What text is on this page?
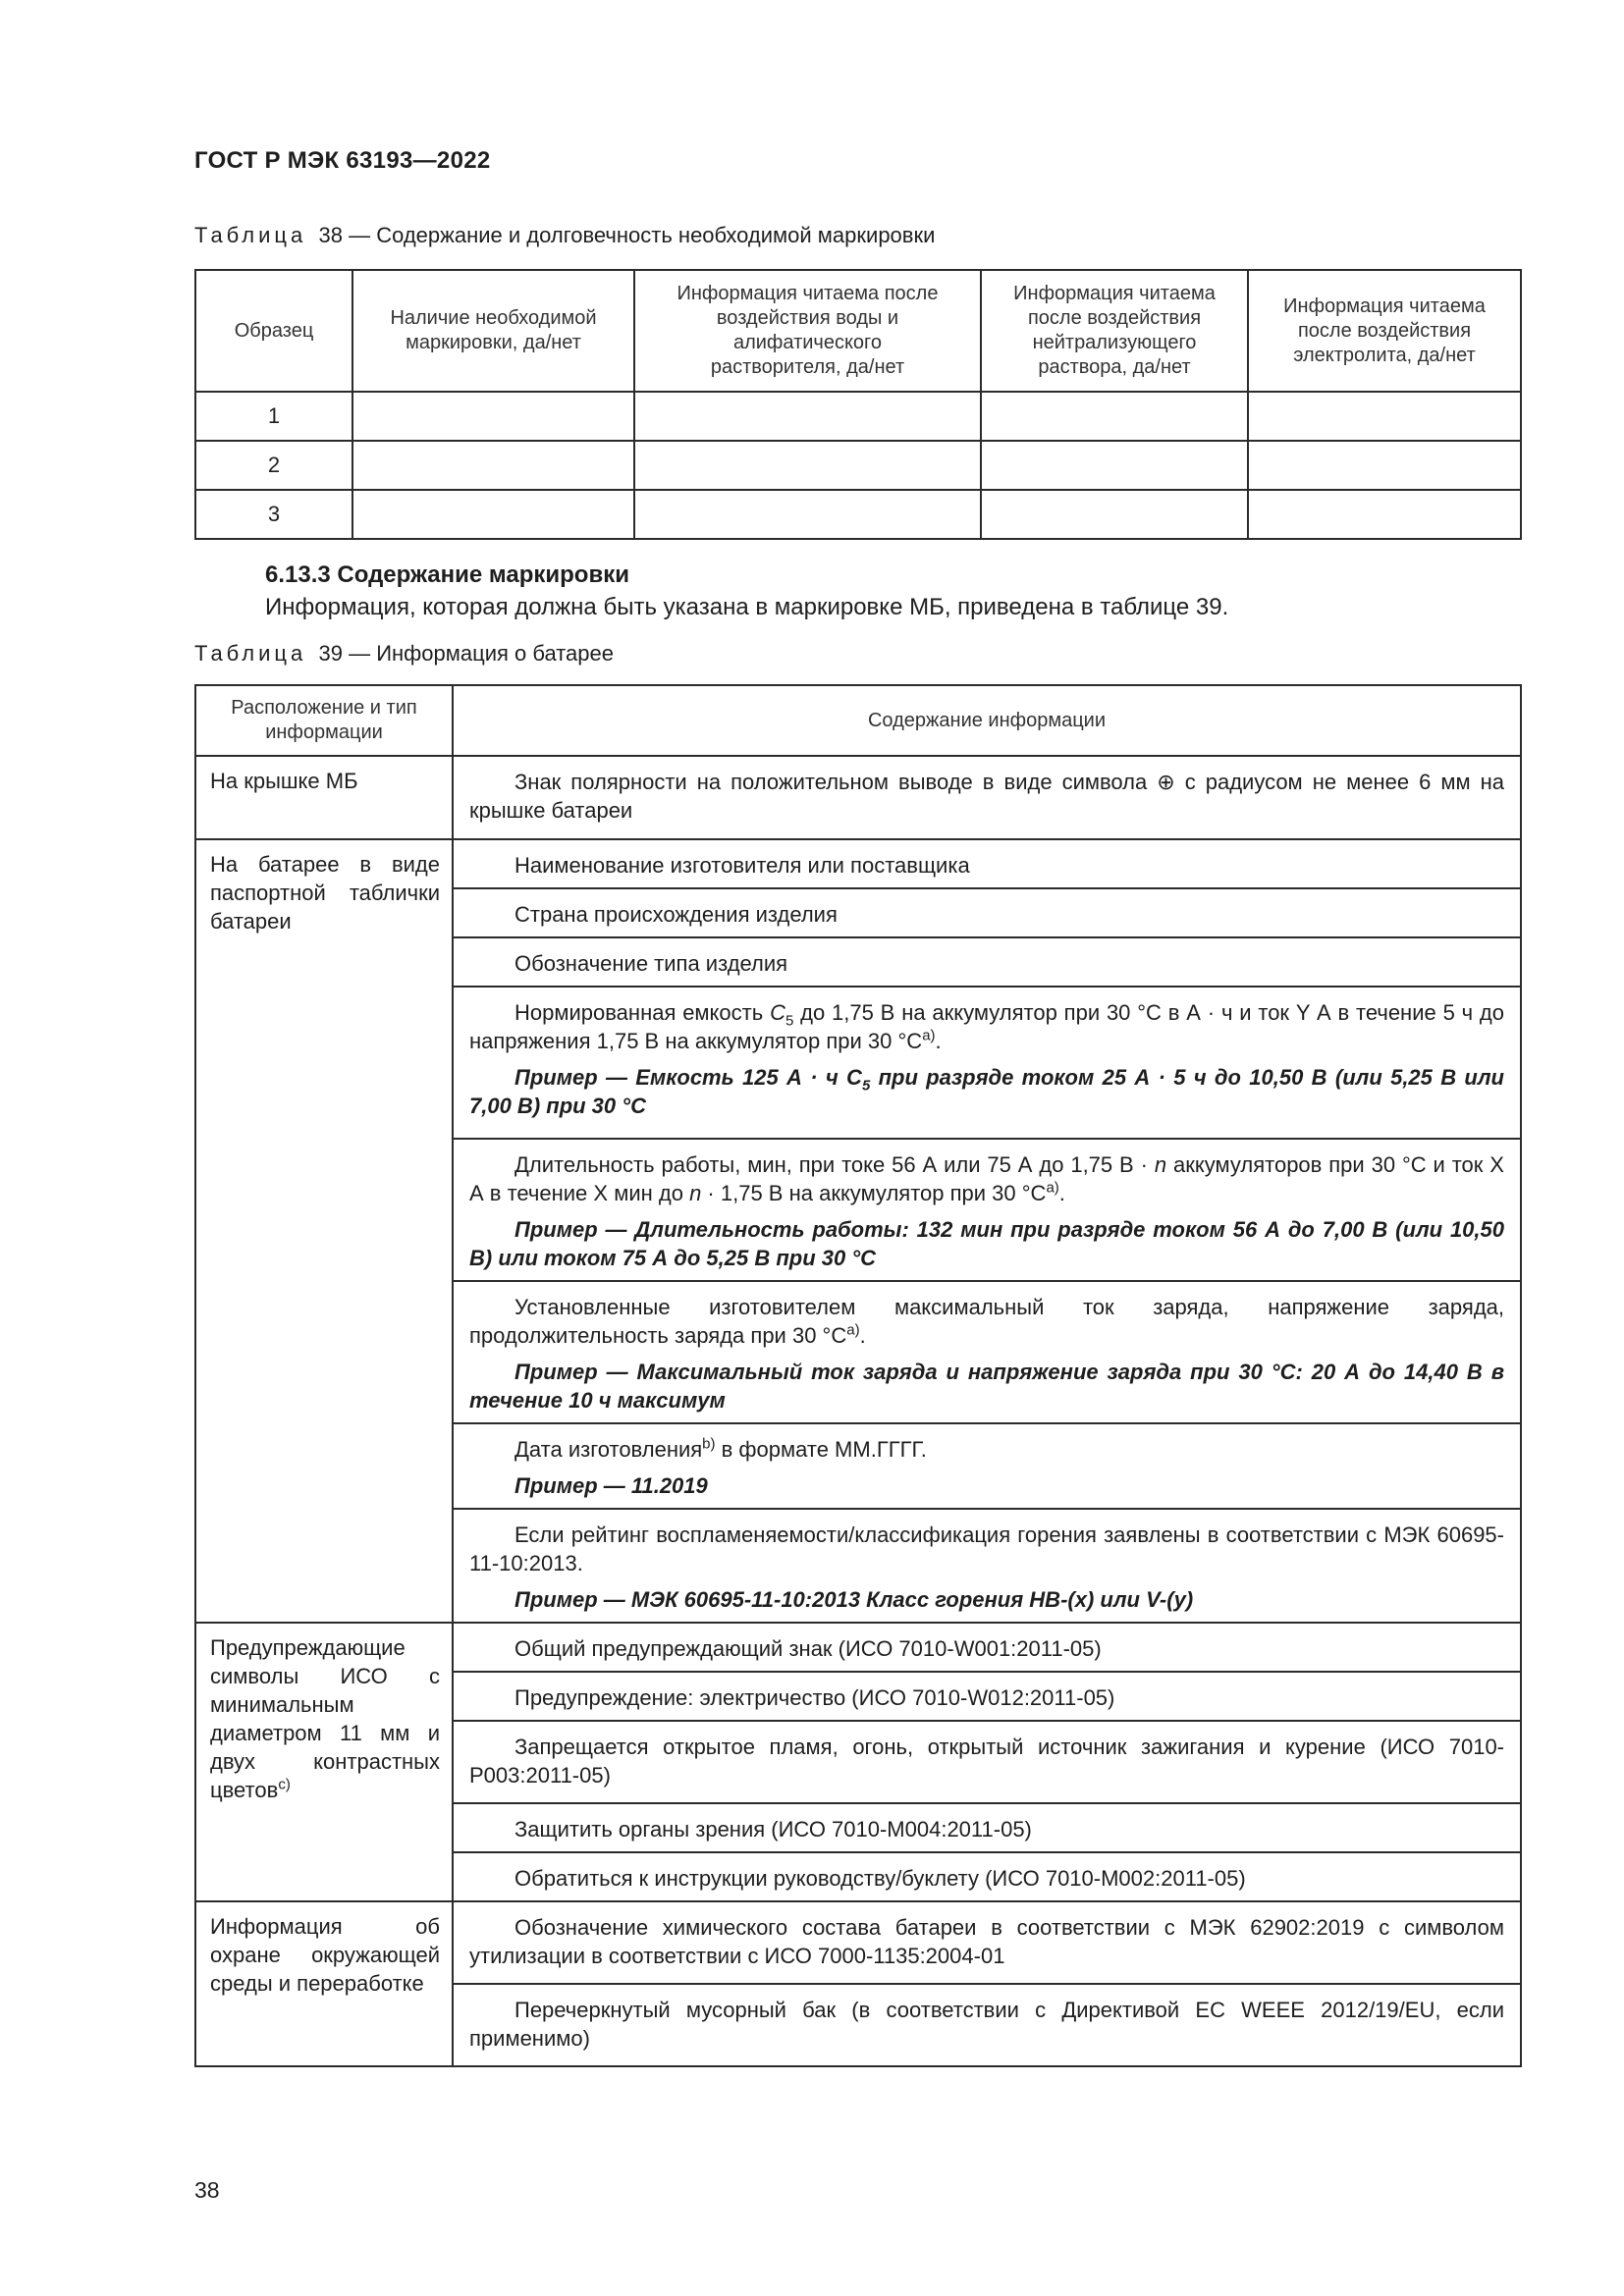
ГОСТ Р МЭК 63193—2022
Таблица 38 — Содержание и долговечность необходимой маркировки
Образец	Наличие необходимой маркировки, да/нет	Информация читаема после воздействия воды и алифатического растворителя, да/нет	Информация читаема после воздействия нейтрализующего раствора, да/нет	Информация читаема после воздействия электролита, да/нет
1				
2				
3				
6.13.3 Содержание маркировки
Информация, которая должна быть указана в маркировке МБ, приведена в таблице 39.
Таблица 39 — Информация о батарее
Расположение и тип информации	Содержание информации
На крышке МБ	Знак полярности на положительном выводе в виде символа ⊕ с радиусом не менее 6 мм на крышке батареи

На батарее в виде паспортной таблички батареи	Наименование изготовителя или поставщика

	Страна происхождения изделия

	Обозначение типа изделия

	Нормированная емкость $C_5$ до 1,75 В на аккумулятор при 30 °С в А · ч и ток Y А в течение 5 ч до напряжения 1,75 В на аккумулятор при 30 $^\circ С^{a)}$.
Пример — Емкость 125 А · ч $C_5$ при разряде током 25 А · 5 ч до 10,50 В (или 5,25 В или 7,00 В) при 30 °С

	Длительность работы, мин, при токе 56 А или 75 А до 1,75 В · n аккумуляторов при 30 °С и ток Х А в течение Х мин до n · 1,75 В на аккумулятор при 30 $^\circ С^{a)}$.
Пример — Длительность работы: 132 мин при разряде током 56 А до 7,00 В (или 10,50 В) или током 75 А до 5,25 В при 30 °С

	Установленные изготовителем максимальный ток заряда, напряжение заряда, продолжительность заряда при 30 $^\circ С^{a)}$.
Пример — Максимальный ток заряда и напряжение заряда при 30 °С: 20 А до 14,40 В в течение 10 ч максимум

	Дата изготовления$^{b)}$ в формате ММ.ГГГГ.
Пример — 11.2019

	Если рейтинг воспламеняемости/классификация горения заявлены в соответствии с МЭК 60695-11-10:2013.
Пример — МЭК 60695-11-10:2013 Класс горения НВ-(х) или V-(у)

Предупреждающие символы ИСО с минимальным диаметром 11 мм и двух контрастных цветов$^{c)}$	Общий предупреждающий знак (ИСО 7010-W001:2011-05)

	Предупреждение: электричество (ИСО 7010-W012:2011-05)

	Запрещается открытое пламя, огонь, открытый источник зажигания и курение (ИСО 7010-P003:2011-05)

	Защитить органы зрения (ИСО 7010-M004:2011-05)

	Обратиться к инструкции руководству/буклету (ИСО 7010-M002:2011-05)

Информация об охране окружающей среды и переработке	Обозначение химического состава батареи в соответствии с МЭК 62902:2019 с символом утилизации в соответствии с ИСО 7000-1135:2004-01

	Перечеркнутый мусорный бак (в соответствии с Директивой ЕС WEEE 2012/19/EU, если применимо)
38
